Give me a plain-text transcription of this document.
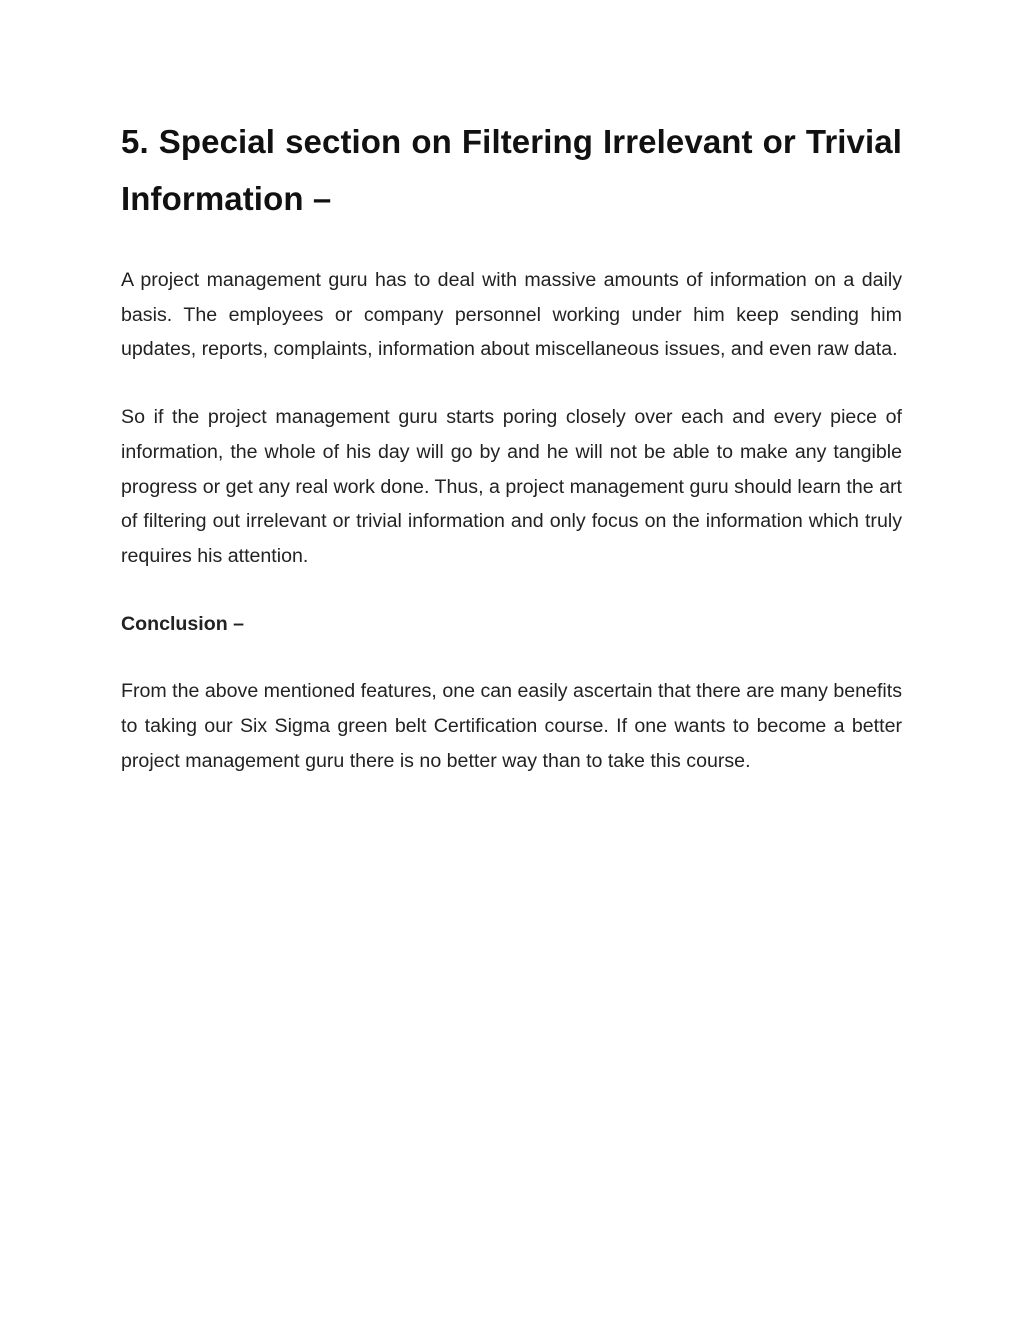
5. Special section on Filtering Irrelevant or Trivial Information –

A project management guru has to deal with massive amounts of information on a daily basis. The employees or company personnel working under him keep sending him updates, reports, complaints, information about miscellaneous issues, and even raw data.

So if the project management guru starts poring closely over each and every piece of information, the whole of his day will go by and he will not be able to make any tangible progress or get any real work done. Thus, a project management guru should learn the art of filtering out irrelevant or trivial information and only focus on the information which truly requires his attention.

Conclusion –

From the above mentioned features, one can easily ascertain that there are many benefits to taking our Six Sigma green belt Certification course. If one wants to become a better project management guru there is no better way than to take this course.
